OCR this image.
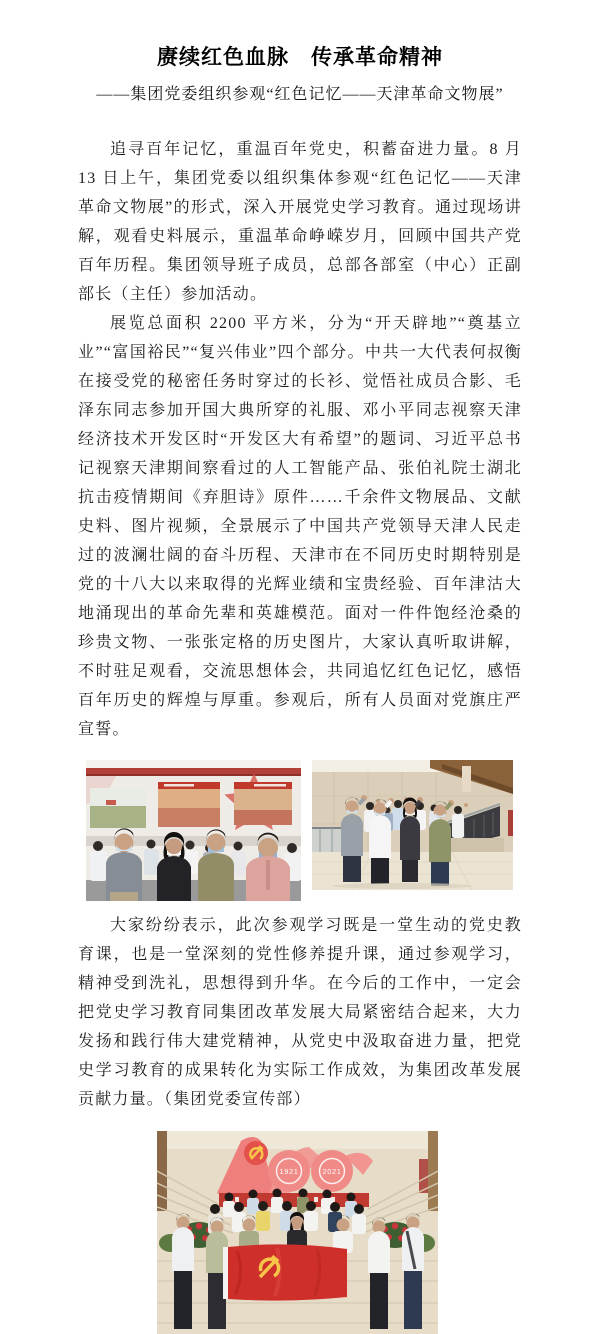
赓续红色血脉　传承革命精神
——集团党委组织参观“红色记忆——天津革命文物展”

追寻百年记忆，重温百年党史，积蓄奋进力量。8 月 13 日上午，集团党委以组织集体参观“红色记忆——天津革命文物展”的形式，深入开展党史学习教育。通过现场讲解，观看史料展示，重温革命峥嵘岁月，回顾中国共产党百年历程。集团领导班子成员，总部各部室（中心）正副部长（主任）参加活动。

展览总面积 2200 平方米，分为“开天辟地”“奠基立业”“富国裕民”“复兴伟业”四个部分。中共一大代表何叔衡在接受党的秘密任务时穿过的长衫、觉悟社成员合影、毛泽东同志参加开国大典所穿的礼服、邓小平同志视察天津经济技术开发区时“开发区大有希望”的题词、习近平总书记视察天津期间察看过的人工智能产品、张伯礼院士湖北抗击疫情期间《弃胆诗》原件……千余件文物展品、文献史料、图片视频，全景展示了中国共产党领导天津人民走过的波澜壮阔的奋斗历程、天津市在不同历史时期特别是党的十八大以来取得的光辉业绩和宝贵经验、百年津沽大地涌现出的革命先辈和英雄模范。面对一件件饱经沧桑的珍贵文物、一张张定格的历史图片，大家认真听取讲解，不时驻足观看，交流思想体会，共同追忆红色记忆，感悟百年历史的辉煌与厚重。参观后，所有人员面对党旗庄严宣誓。

大家纷纷表示，此次参观学习既是一堂生动的党史教育课，也是一堂深刻的党性修养提升课，通过参观学习，精神受到洗礼，思想得到升华。在今后的工作中，一定会把党史学习教育同集团改革发展大局紧密结合起来，大力发扬和践行伟大建党精神，从党史中汲取奋进力量，把党史学习教育的成果转化为实际工作成效，为集团改革发展贡献力量。（集团党委宣传部）

1921	2021
